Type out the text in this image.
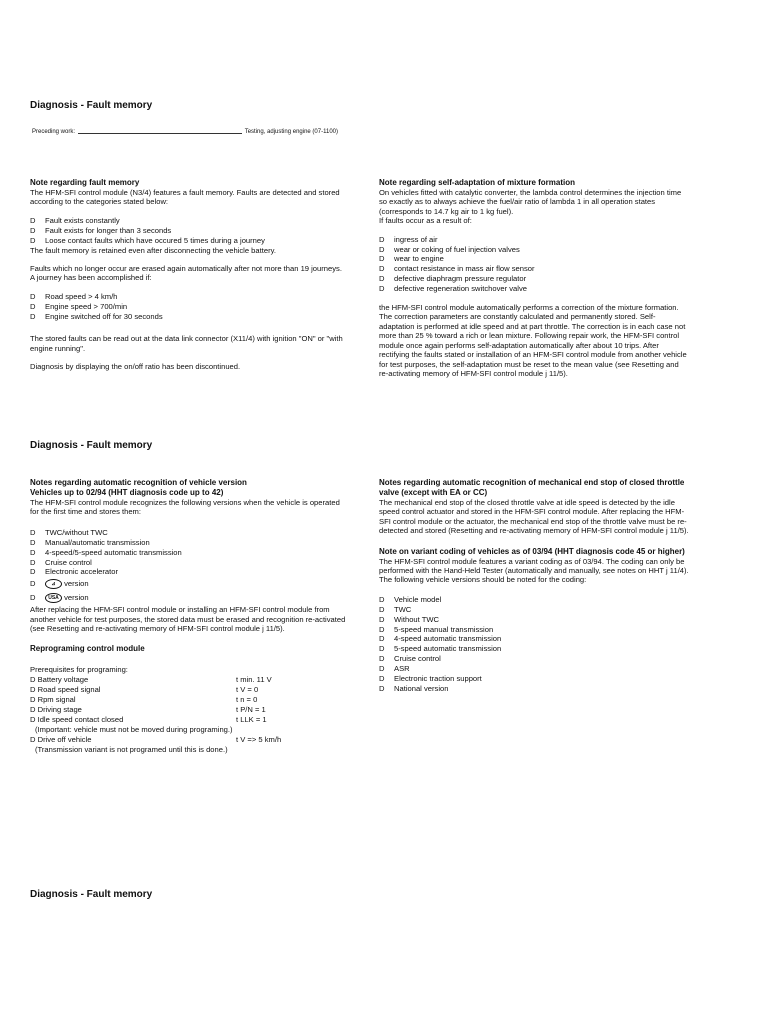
Diagnosis - Fault memory
Preceding work:	Testing, adjusting engine (07-1100)
Note regarding fault memory
The HFM-SFI control module (N3/4) features a fault memory. Faults are detected and stored according to the categories stated below:
D	Fault exists constantly
D	Fault exists for longer than 3 seconds
D	Loose contact faults which have occured 5 times during a journey
The fault memory is retained even after disconnecting the vehicle battery.
Faults which no longer occur are erased again automatically after not more than 19 journeys. A journey has been accomplished if:
D	Road speed > 4 km/h
D	Engine speed > 700/min
D	Engine switched off for 30 seconds
The stored faults can be read out at the data link connector (X11/4) with ignition "ON" or "with engine running".
Diagnosis by displaying the on/off ratio has been discontinued.
Note regarding self-adaptation of mixture formation
On vehicles fitted with catalytic converter, the lambda control determines the injection time so exactly as to always achieve the fuel/air ratio of lambda 1 in all operation states (corresponds to 14.7 kg air to 1 kg fuel).
If faults occur as a result of:
D	ingress of air
D	wear or coking of fuel injection valves
D	wear to engine
D	contact resistance in mass air flow sensor
D	defective diaphragm pressure regulator
D	defective regeneration switchover valve
the HFM-SFI control module automatically performs a correction of the mixture formation. The correction parameters are constantly calculated and permanently stored. Self-adaptation is performed at idle speed and at part throttle. The correction is in each case not more than 25 % toward a rich or lean mixture. Following repair work, the HFM-SFI control module once again performs self-adaptation automatically after about 10 trips. After rectifying the faults stated or installation of an HFM-SFI control module from another vehicle for test purposes, the self-adaptation must be reset to the mean value (see Resetting and re-activating memory of HFM-SFI control module j 11/5).
Diagnosis - Fault memory
Notes regarding automatic recognition of vehicle version
Vehicles up to 02/94 (HHT diagnosis code up to 42)
The HFM-SFI control module recognizes the following versions when the vehicle is operated for the first time and stores them:
D	TWC/without TWC
D	Manual/automatic transmission
D	4-speed/5-speed automatic transmission
D	Cruise control
D	Electronic accelerator
D	⊿
	version
D	USA
version
After replacing the HFM-SFI control module or installing an HFM-SFI control module from another vehicle for test purposes, the stored data must be erased and recognition re-activated (see Resetting and re-activating memory of HFM-SFI control module j 11/5).
Reprograming control module
Prerequisites for programing:
D Battery voltage	t min. 11 V
D Road speed signal	t V = 0
D Rpm signal	t n = 0
D Driving stage	t P/N = 1
D Idle speed contact closed	t LLK = 1
(Important: vehicle must not be moved during programing.)
D Drive off vehicle	t V => 5 km/h
(Transmission variant is not programed until this is done.)
Notes regarding automatic recognition of mechanical end stop of closed throttle valve (except with EA or CC)
The mechanical end stop of the closed throttle valve at idle speed is detected by the idle speed control actuator and stored in the HFM-SFI control module. After replacing the HFM-SFI control module or the actuator, the mechanical end stop of the throttle valve must be re-detected and stored (Resetting and re-activating memory of HFM-SFI control module j 11/5).
Note on variant coding of vehicles as of 03/94 (HHT diagnosis code 45 or higher)
The HFM-SFI control module features a variant coding as of 03/94. The coding can only be performed with the Hand-Held Tester (automatically and manually, see notes on HHT j 11/4).
The following vehicle versions should be noted for the coding:
D	Vehicle model
D	TWC
D	Without TWC
D	5-speed manual transmission
D	4-speed automatic transmission
D	5-speed automatic transmission
D	Cruise control
D	ASR
D	Electronic traction support
D	National version
Diagnosis - Fault memory
